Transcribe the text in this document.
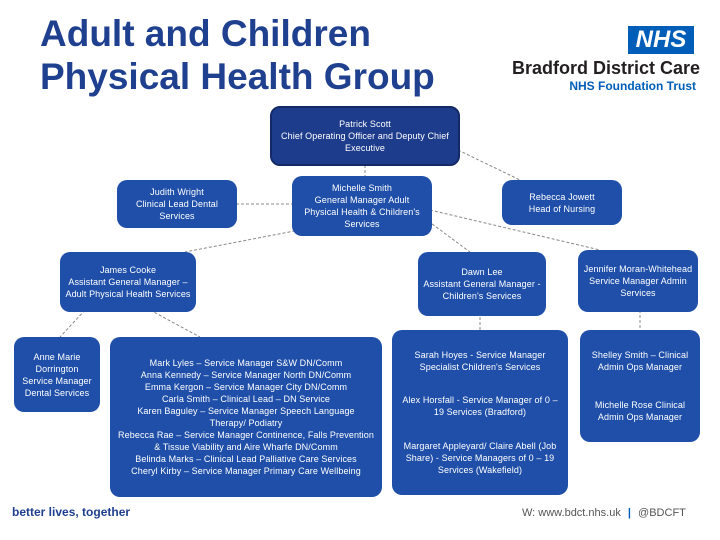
Adult and Children
Physical Health Group
NHS
Bradford District Care
NHS Foundation Trust
Patrick Scott
Chief Operating Officer and Deputy Chief Executive
Judith Wright
Clinical Lead Dental Services
Michelle Smith
General Manager Adult Physical Health & Children's Services
Rebecca Jowett
Head of Nursing
James Cooke
Assistant General Manager – Adult Physical Health Services
Anne Marie Dorrington
Service Manager Dental Services
Mark Lyles – Service Manager S&W DN/Comm
Anna Kennedy – Service Manager North DN/Comm
Emma Kergon – Service Manager City DN/Comm
Carla Smith – Clinical Lead – DN Service
Karen Baguley – Service Manager Speech Language Therapy/ Podiatry
Rebecca Rae – Service Manager Continence, Falls Prevention & Tissue Viability and Aire Wharfe DN/Comm
Belinda Marks – Clinical Lead Palliative Care Services
Cheryl Kirby – Service Manager Primary Care Wellbeing
Dawn Lee
Assistant General Manager - Children's Services
Sarah Hoyes - Service Manager Specialist Children's Services
Alex Horsfall - Service Manager of 0 – 19 Services (Bradford)
Margaret Appleyard/ Claire Abell (Job Share) - Service Managers of 0 – 19 Services (Wakefield)
Jennifer Moran-Whitehead
Service Manager Admin Services
Shelley Smith – Clinical Admin Ops Manager
Michelle Rose Clinical Admin Ops Manager
better lives, together	W: www.bdct.nhs.uk | @BDCFT
